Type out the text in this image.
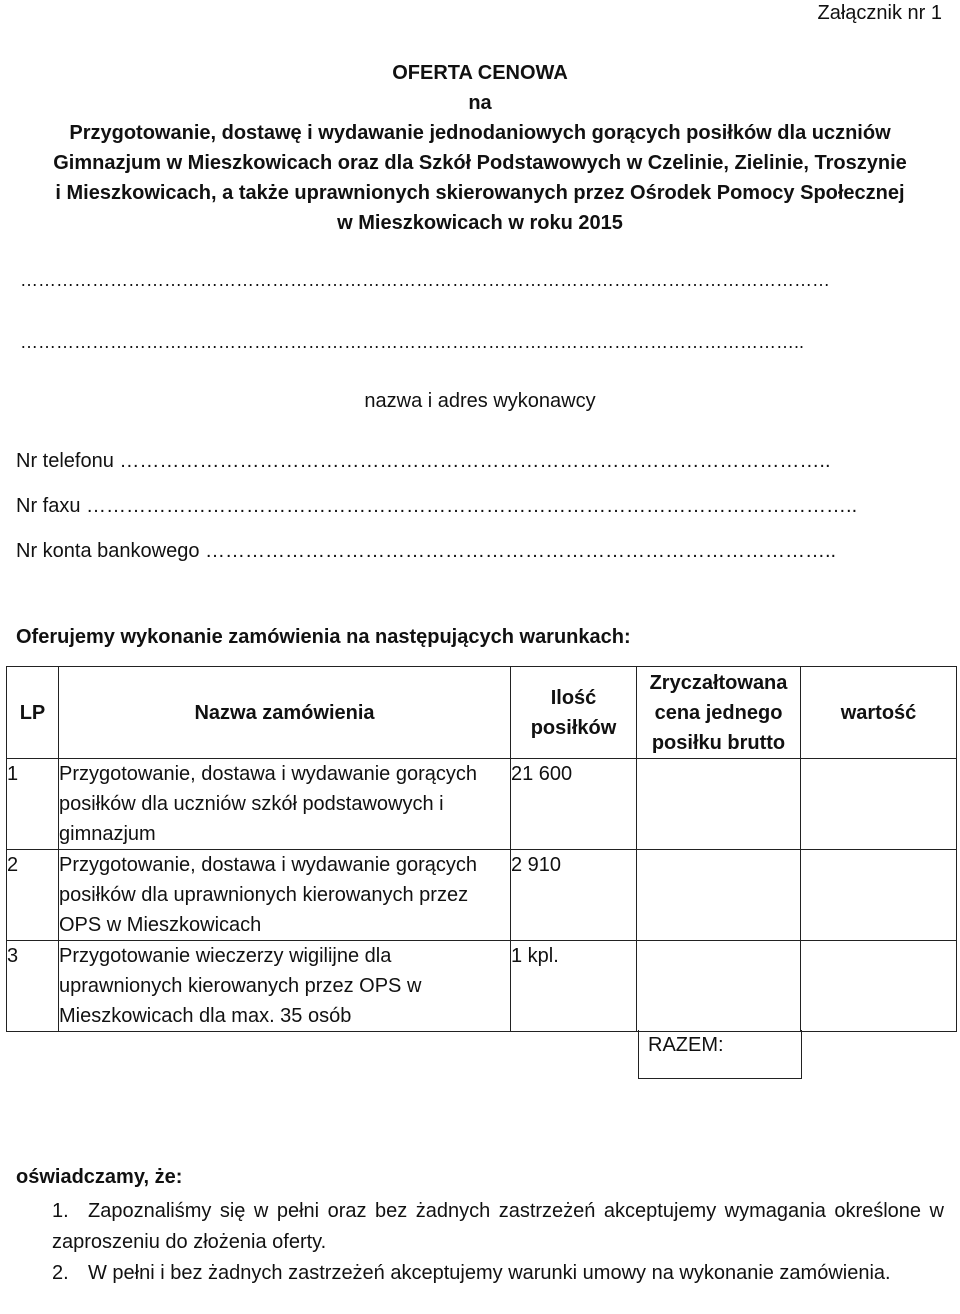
Załącznik nr 1
OFERTA CENOWA
na
Przygotowanie, dostawę i wydawanie jednodaniowych gorących posiłków dla uczniów
Gimnazjum w Mieszkowicach oraz dla Szkół Podstawowych w Czelinie, Zielinie, Troszynie
i Mieszkowicach, a także uprawnionych skierowanych przez Ośrodek Pomocy Społecznej
w Mieszkowicach w roku 2015
………………………………………………………………………………………………………………………
…………………………………………………………………………………………………………………..
nazwa i adres wykonawcy
Nr telefonu ……………………………………………………………………………………………..
Nr faxu ……………………………………………………………………………………………………..
Nr konta bankowego …………………………………………………………………………………..
Oferujemy wykonanie zamówienia na następujących warunkach:
LP	Nazwa zamówienia	Ilość posiłków	Zryczałtowana cena jednego posiłku brutto	wartość
1	Przygotowanie, dostawa i wydawanie gorących posiłków dla uczniów szkół podstawowych i gimnazjum	21 600		
2	Przygotowanie, dostawa i wydawanie gorących posiłków dla uprawnionych kierowanych przez OPS w Mieszkowicach	2 910		
3	Przygotowanie wieczerzy wigilijne dla uprawnionych kierowanych przez OPS w Mieszkowicach dla max. 35 osób	1 kpl.		
RAZEM:
oświadczamy, że:
1. Zapoznaliśmy się w pełni oraz bez żadnych zastrzeżeń akceptujemy wymagania określone w zaproszeniu do złożenia oferty.
2. W pełni i bez żadnych zastrzeżeń akceptujemy warunki umowy na wykonanie zamówienia.
